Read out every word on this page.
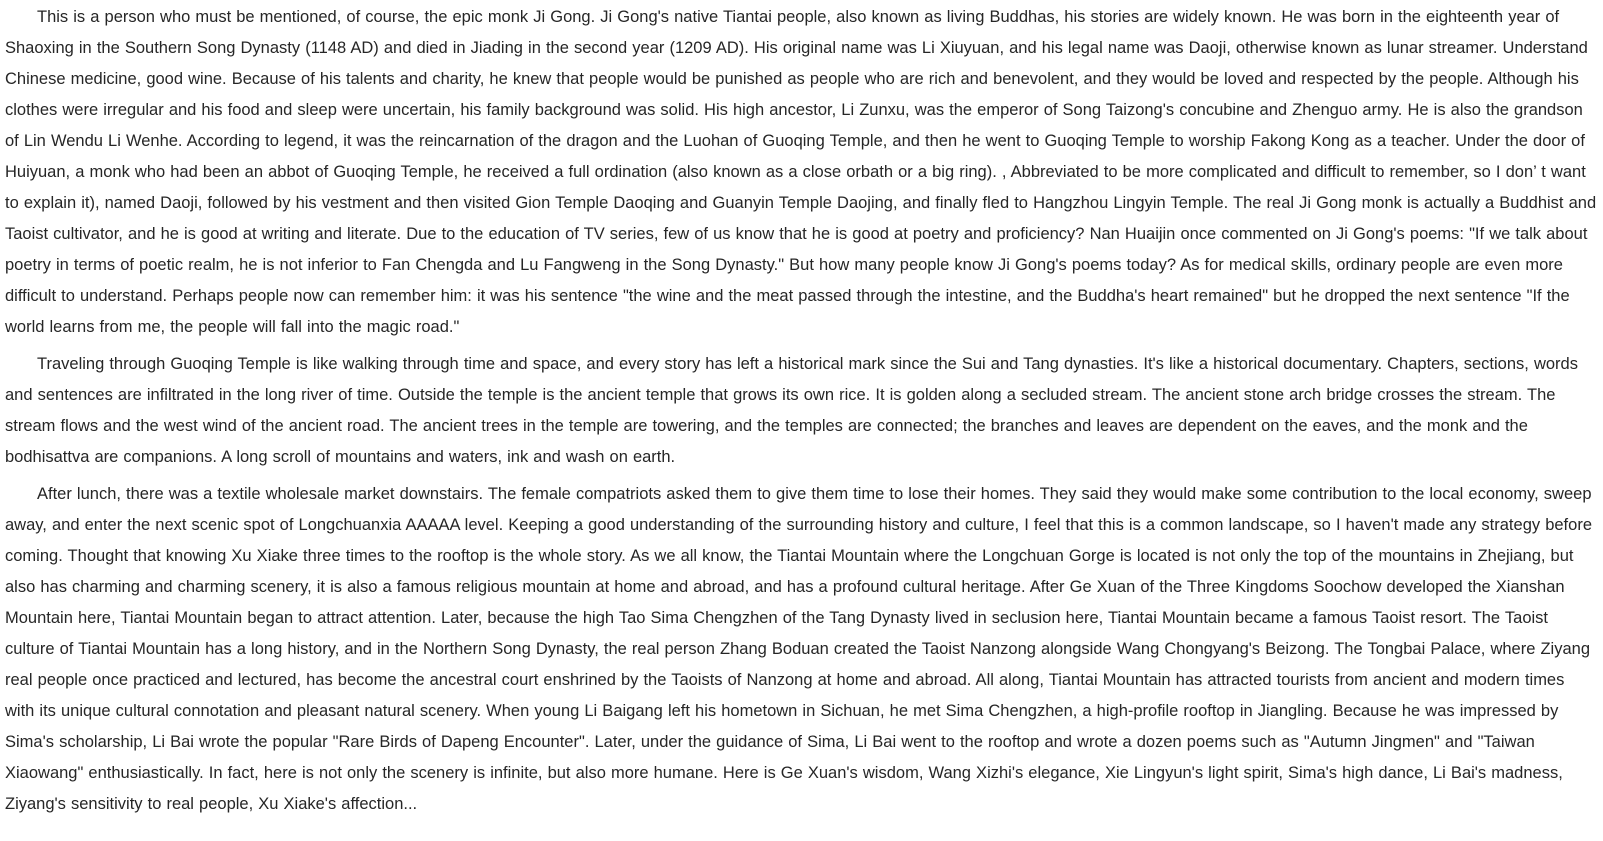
This is a person who must be mentioned, of course, the epic monk Ji Gong. Ji Gong's native Tiantai people, also known as living Buddhas, his stories are widely known. He was born in the eighteenth year of Shaoxing in the Southern Song Dynasty (1148 AD) and died in Jiading in the second year (1209 AD). His original name was Li Xiuyuan, and his legal name was Daoji, otherwise known as lunar streamer. Understand Chinese medicine, good wine. Because of his talents and charity, he knew that people would be punished as people who are rich and benevolent, and they would be loved and respected by the people. Although his clothes were irregular and his food and sleep were uncertain, his family background was solid. His high ancestor, Li Zunxu, was the emperor of Song Taizong's concubine and Zhenguo army. He is also the grandson of Lin Wendu Li Wenhe. According to legend, it was the reincarnation of the dragon and the Luohan of Guoqing Temple, and then he went to Guoqing Temple to worship Fakong Kong as a teacher. Under the door of Huiyuan, a monk who had been an abbot of Guoqing Temple, he received a full ordination (also known as a close orbath or a big ring). , Abbreviated to be more complicated and difficult to remember, so I don’ t want to explain it), named Daoji, followed by his vestment and then visited Gion Temple Daoqing and Guanyin Temple Daojing, and finally fled to Hangzhou Lingyin Temple. The real Ji Gong monk is actually a Buddhist and Taoist cultivator, and he is good at writing and literate. Due to the education of TV series, few of us know that he is good at poetry and proficiency? Nan Huaijin once commented on Ji Gong's poems: "If we talk about poetry in terms of poetic realm, he is not inferior to Fan Chengda and Lu Fangweng in the Song Dynasty." But how many people know Ji Gong's poems today? As for medical skills, ordinary people are even more difficult to understand. Perhaps people now can remember him: it was his sentence "the wine and the meat passed through the intestine, and the Buddha's heart remained" but he dropped the next sentence "If the world learns from me, the people will fall into the magic road."

Traveling through Guoqing Temple is like walking through time and space, and every story has left a historical mark since the Sui and Tang dynasties. It's like a historical documentary. Chapters, sections, words and sentences are infiltrated in the long river of time. Outside the temple is the ancient temple that grows its own rice. It is golden along a secluded stream. The ancient stone arch bridge crosses the stream. The stream flows and the west wind of the ancient road. The ancient trees in the temple are towering, and the temples are connected; the branches and leaves are dependent on the eaves, and the monk and the bodhisattva are companions. A long scroll of mountains and waters, ink and wash on earth.

After lunch, there was a textile wholesale market downstairs. The female compatriots asked them to give them time to lose their homes. They said they would make some contribution to the local economy, sweep away, and enter the next scenic spot of Longchuanxia AAAAA level. Keeping a good understanding of the surrounding history and culture, I feel that this is a common landscape, so I haven't made any strategy before coming. Thought that knowing Xu Xiake three times to the rooftop is the whole story. As we all know, the Tiantai Mountain where the Longchuan Gorge is located is not only the top of the mountains in Zhejiang, but also has charming and charming scenery, it is also a famous religious mountain at home and abroad, and has a profound cultural heritage. After Ge Xuan of the Three Kingdoms Soochow developed the Xianshan Mountain here, Tiantai Mountain began to attract attention. Later, because the high Tao Sima Chengzhen of the Tang Dynasty lived in seclusion here, Tiantai Mountain became a famous Taoist resort. The Taoist culture of Tiantai Mountain has a long history, and in the Northern Song Dynasty, the real person Zhang Boduan created the Taoist Nanzong alongside Wang Chongyang's Beizong. The Tongbai Palace, where Ziyang real people once practiced and lectured, has become the ancestral court enshrined by the Taoists of Nanzong at home and abroad. All along, Tiantai Mountain has attracted tourists from ancient and modern times with its unique cultural connotation and pleasant natural scenery. When young Li Baigang left his hometown in Sichuan, he met Sima Chengzhen, a high-profile rooftop in Jiangling. Because he was impressed by Sima's scholarship, Li Bai wrote the popular "Rare Birds of Dapeng Encounter". Later, under the guidance of Sima, Li Bai went to the rooftop and wrote a dozen poems such as "Autumn Jingmen" and "Taiwan Xiaowang" enthusiastically. In fact, here is not only the scenery is infinite, but also more humane. Here is Ge Xuan's wisdom, Wang Xizhi's elegance, Xie Lingyun's light spirit, Sima's high dance, Li Bai's madness, Ziyang's sensitivity to real people, Xu Xiake's affection...
